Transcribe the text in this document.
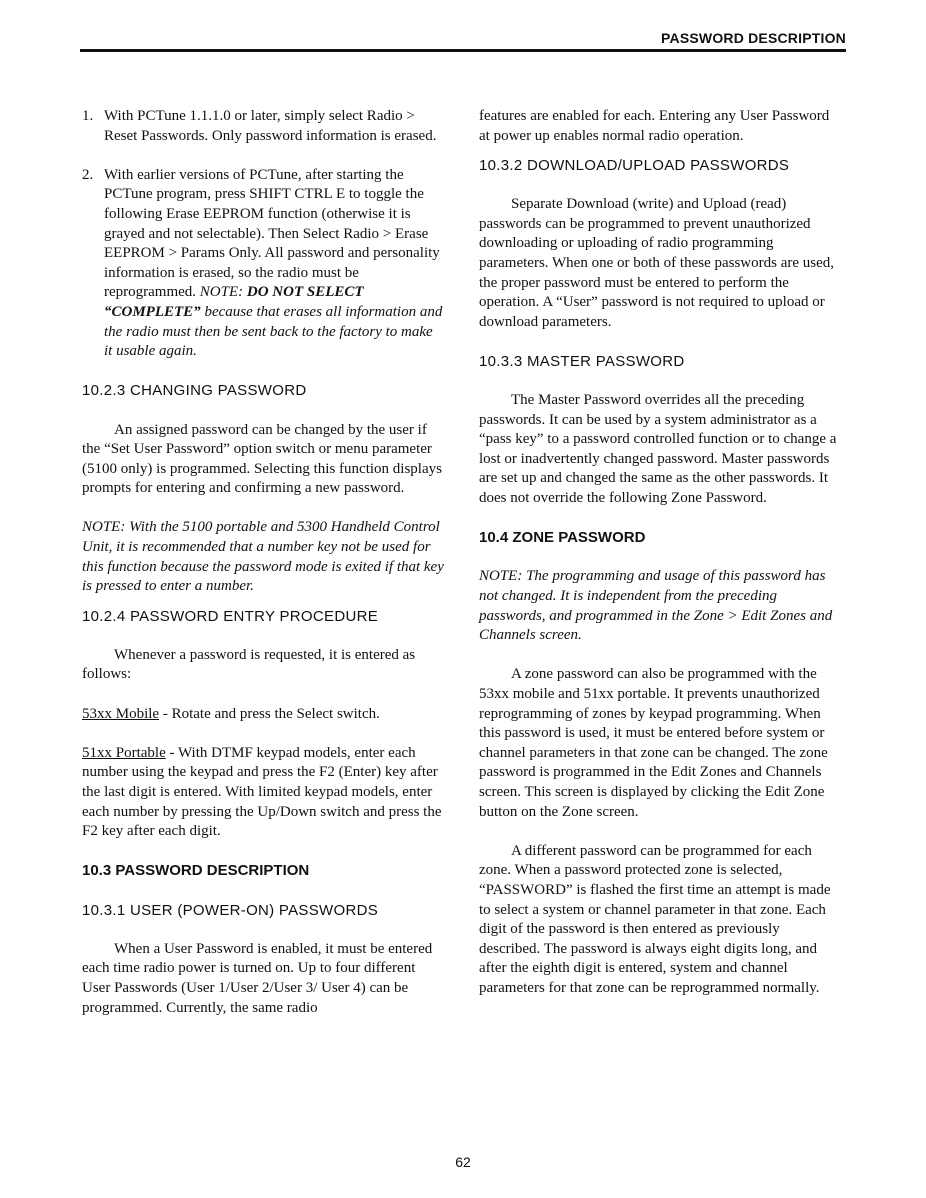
PASSWORD DESCRIPTION
1. With PCTune 1.1.1.0 or later, simply select Radio > Reset Passwords. Only password information is erased.
2. With earlier versions of PCTune, after starting the PCTune program, press SHIFT CTRL E to toggle the following Erase EEPROM function (otherwise it is grayed and not selectable). Then Select Radio > Erase EEPROM > Params Only. All password and personality information is erased, so the radio must be reprogrammed. NOTE: DO NOT SELECT “COMPLETE” because that erases all information and the radio must then be sent back to the factory to make it usable again.

10.2.3 CHANGING PASSWORD

An assigned password can be changed by the user if the “Set User Password” option switch or menu parameter (5100 only) is programmed. Selecting this function displays prompts for entering and confirming a new password.

NOTE: With the 5100 portable and 5300 Handheld Control Unit, it is recommended that a number key not be used for this function because the password mode is exited if that key is pressed to enter a number.

10.2.4 PASSWORD ENTRY PROCEDURE

Whenever a password is requested, it is entered as follows:

53xx Mobile - Rotate and press the Select switch.

51xx Portable - With DTMF keypad models, enter each number using the keypad and press the F2 (Enter) key after the last digit is entered. With limited keypad models, enter each number by pressing the Up/Down switch and press the F2 key after each digit.

10.3 PASSWORD DESCRIPTION

10.3.1 USER (POWER-ON) PASSWORDS

When a User Password is enabled, it must be entered each time radio power is turned on. Up to four different User Passwords (User 1/User 2/User 3/ User 4) can be programmed. Currently, the same radio

features are enabled for each. Entering any User Password at power up enables normal radio operation.

10.3.2 DOWNLOAD/UPLOAD PASSWORDS

Separate Download (write) and Upload (read) passwords can be programmed to prevent unauthorized downloading or uploading of radio programming parameters. When one or both of these passwords are used, the proper password must be entered to perform the operation. A “User” password is not required to upload or download parameters.

10.3.3 MASTER PASSWORD

The Master Password overrides all the preceding passwords. It can be used by a system administrator as a “pass key” to a password controlled function or to change a lost or inadvertently changed password. Master passwords are set up and changed the same as the other passwords. It does not override the following Zone Password.

10.4 ZONE PASSWORD

NOTE: The programming and usage of this password has not changed. It is independent from the preceding passwords, and programmed in the Zone > Edit Zones and Channels screen.

A zone password can also be programmed with the 53xx mobile and 51xx portable. It prevents unauthorized reprogramming of zones by keypad programming. When this password is used, it must be entered before system or channel parameters in that zone can be changed. The zone password is programmed in the Edit Zones and Channels screen. This screen is displayed by clicking the Edit Zone button on the Zone screen.

A different password can be programmed for each zone. When a password protected zone is selected, “PASSWORD” is flashed the first time an attempt is made to select a system or channel parameter in that zone. Each digit of the password is then entered as previously described. The password is always eight digits long, and after the eighth digit is entered, system and channel parameters for that zone can be reprogrammed normally.

62
